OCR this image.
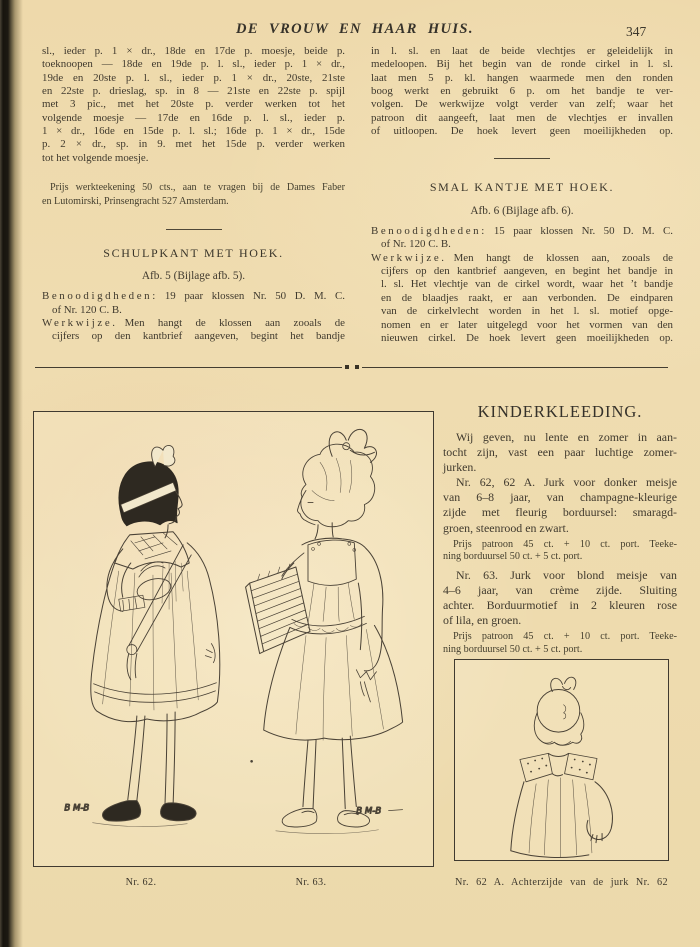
DE VROUW EN HAAR HUIS.	347
sl., ieder p. 1 × dr., 18de en 17de p. moesje, beide p.
toeknoopen — 18de en 19de p. l. sl., ieder p. 1 × dr.,
19de en 20ste p. l. sl., ieder p. 1 × dr., 20ste, 21ste
en 22ste p. drieslag, sp. in 8 — 21ste en 22ste p. spijl
met 3 pic., met het 20ste p. verder werken tot het
volgende moesje — 17de en 16de p. l. sl., ieder p.
1 × dr., 16de en 15de p. l. sl.; 16de p. 1 × dr., 15de
p. 2 × dr., sp. in 9. met het 15de p. verder werken
tot het volgende moesje.
Prijs werkteekening 50 cts., aan te vragen bij de Dames Faber
en Lutomirski, Prinsengracht 527 Amsterdam.
SCHULPKANT MET HOEK.
Afb. 5 (Bijlage afb. 5).
Benoodigdheden: 19 paar klossen Nr. 50 D. M. C.
of Nr. 120 C. B.
Werkwijze. Men hangt de klossen aan zooals de
cijfers op den kantbrief aangeven, begint het bandje
in l. sl. en laat de beide vlechtjes er geleidelijk in
medeloopen. Bij het begin van de ronde cirkel in l. sl.
laat men 5 p. kl. hangen waarmede men den ronden
boog werkt en gebruikt 6 p. om het bandje te ver-
volgen. De werkwijze volgt verder van zelf; waar het
patroon dit aangeeft, laat men de vlechtjes er invallen
of uitloopen. De hoek levert geen moeilijkheden op.
SMAL KANTJE MET HOEK.
Afb. 6 (Bijlage afb. 6).
Benoodigdheden: 15 paar klossen Nr. 50 D. M. C.
of Nr. 120 C. B.
Werkwijze. Men hangt de klossen aan, zooals de
cijfers op den kantbrief aangeven, en begint het bandje in
l. sl. Het vlechtje van de cirkel wordt, waar het ’t bandje
en de blaadjes raakt, er aan verbonden. De eindparen
van de cirkelvlecht worden in het l. sl. motief opge-
nomen en er later uitgelegd voor het vormen van den
nieuwen cirkel. De hoek levert geen moeilijkheden op.
B M-B	B M-B
KINDERKLEEDING.
Wij geven, nu lente en zomer in aan-
tocht zijn, vast een paar luchtige zomer-
jurken.
Nr. 62, 62 A. Jurk voor donker meisje
van 6–8 jaar, van champagne-kleurige
zijde met fleurig borduursel: smaragd-
groen, steenrood en zwart.
Prijs patroon 45 ct. + 10 ct. port. Teeke-
ning borduursel 50 ct. + 5 ct. port.
Nr. 63. Jurk voor blond meisje van
4–6 jaar, van crème zijde. Sluiting
achter. Borduurmotief in 2 kleuren rose
of lila, en groen.
Prijs patroon 45 ct. + 10 ct. port. Teeke-
ning borduursel 50 ct. + 5 ct. port.
Nr. 62.	Nr. 63.	Nr. 62 A. Achterzijde van de jurk Nr. 62
